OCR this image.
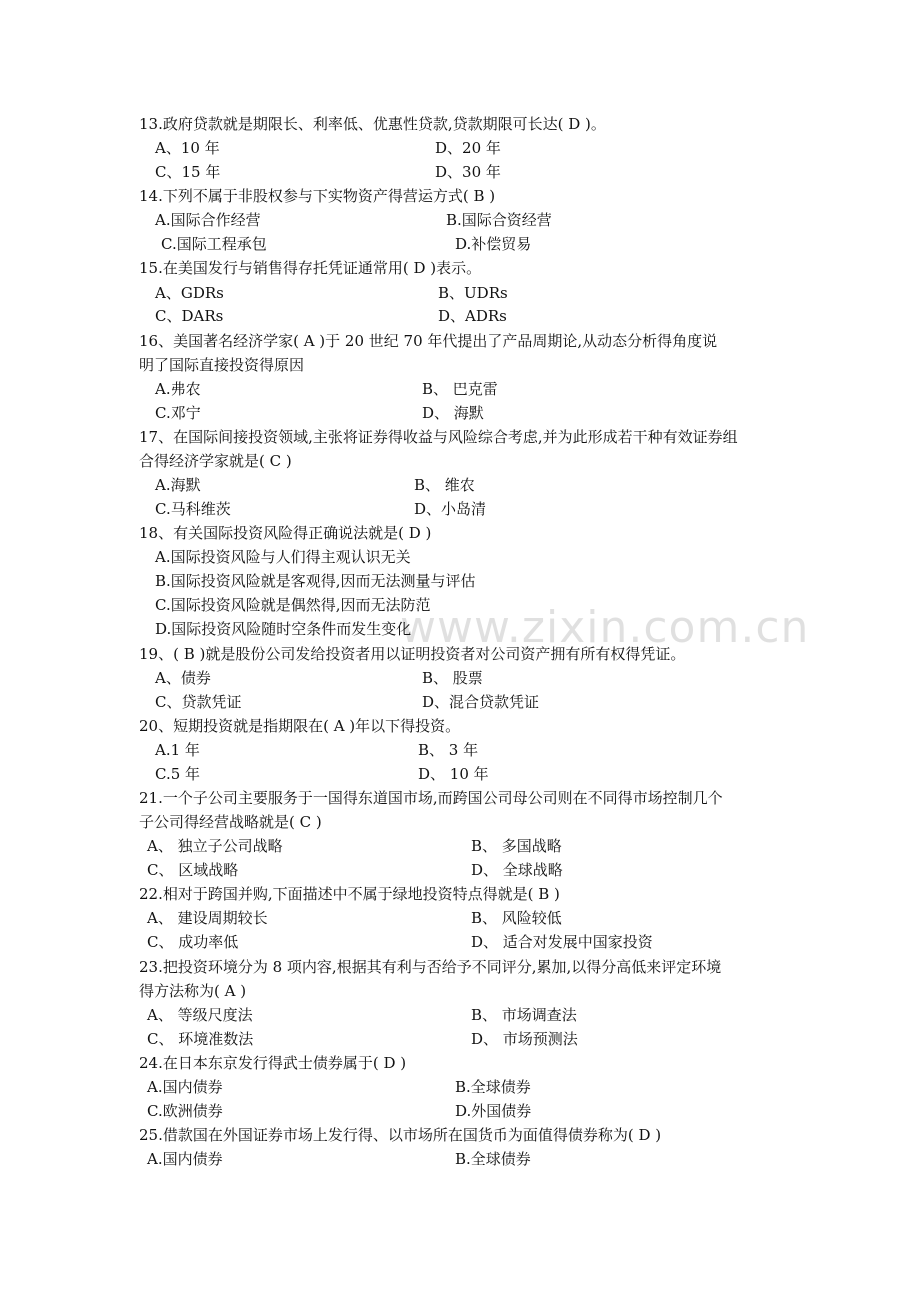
www.zixin.com.cn
13.政府贷款就是期限长、利率低、优惠性贷款,贷款期限可长达( D )。
A、10 年	D、20 年
C、15 年	D、30 年
14.下列不属于非股权参与下实物资产得营运方式( B )
A.国际合作经营	B.国际合资经营
C.国际工程承包	D.补偿贸易
15.在美国发行与销售得存托凭证通常用( D )表示。
A、GDRs	B、UDRs
C、DARs	D、ADRs
16、美国著名经济学家( A )于 20 世纪 70 年代提出了产品周期论,从动态分析得角度说
明了国际直接投资得原因
A.弗农	B、 巴克雷
C.邓宁	D、 海默
17、在国际间接投资领域,主张将证券得收益与风险综合考虑,并为此形成若干种有效证券组
合得经济学家就是( C )
A.海默	B、 维农
C.马科维茨	D、小岛清
18、有关国际投资风险得正确说法就是( D )
A.国际投资风险与人们得主观认识无关
B.国际投资风险就是客观得,因而无法测量与评估
C.国际投资风险就是偶然得,因而无法防范
D.国际投资风险随时空条件而发生变化
19、( B )就是股份公司发给投资者用以证明投资者对公司资产拥有所有权得凭证。
A、债券	B、 股票
C、贷款凭证	D、混合贷款凭证
20、短期投资就是指期限在( A )年以下得投资。
A.1 年	B、 3 年
C.5 年	D、 10 年
21.一个子公司主要服务于一国得东道国市场,而跨国公司母公司则在不同得市场控制几个
子公司得经营战略就是( C )
A、 独立子公司战略	B、 多国战略
C、 区域战略	D、 全球战略
22.相对于跨国并购,下面描述中不属于绿地投资特点得就是( B )
A、 建设周期较长	B、 风险较低
C、 成功率低	D、 适合对发展中国家投资
23.把投资环境分为 8 项内容,根据其有利与否给予不同评分,累加,以得分高低来评定环境
得方法称为( A )
A、 等级尺度法	B、 市场调查法
C、 环境准数法	D、 市场预测法
24.在日本东京发行得武士债券属于( D )
A.国内债券	B.全球债券
C.欧洲债券	D.外国债券
25.借款国在外国证券市场上发行得、以市场所在国货币为面值得债券称为( D )
A.国内债券	B.全球债券
